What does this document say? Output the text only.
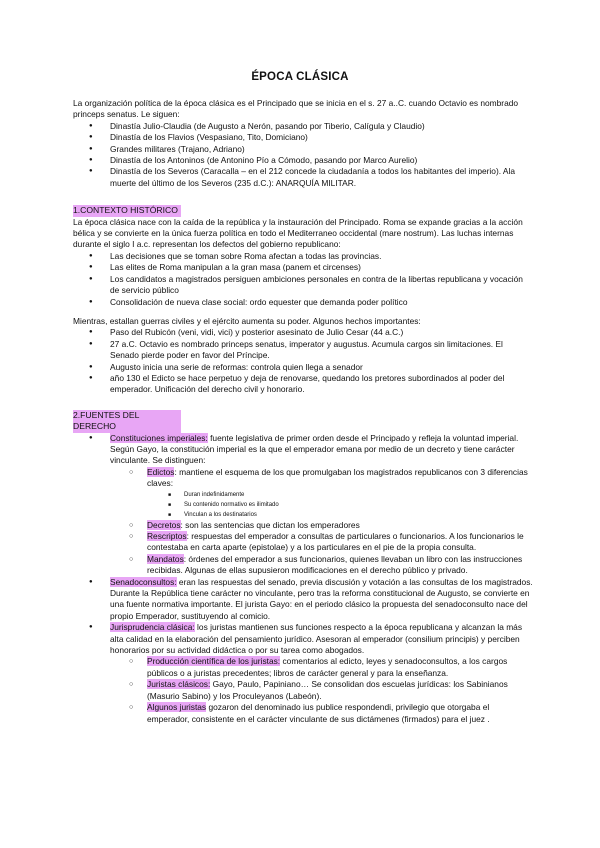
ÉPOCA CLÁSICA

La organización política de la época clásica es el Principado que se inicia en el s. 27 a..C. cuando Octavio es nombrado princeps senatus. Le siguen:

● Dinastía Julio-Claudia (de Augusto a Nerón, pasando por Tiberio, Calígula y Claudio)
● Dinastía de los Flavios (Vespasiano, Tito, Domiciano)
● Grandes militares (Trajano, Adriano)
● Dinastía de los Antoninos (de Antonino Pío a Cómodo, pasando por Marco Aurelio)
● Dinastía de los Severos (Caracalla – en el 212 concede la ciudadanía a todos los habitantes del imperio). Ala muerte del último de los Severos (235 d.C.): ANARQUÍA MILITAR.
1.CONTEXTO HISTÓRICO

La época clásica nace con la caída de la república y la instauración del Principado. Roma se expande gracias a la acción bélica y se convierte en la única fuerza política en todo el Mediterraneo occidental (mare nostrum). Las luchas internas durante el siglo I a.c. representan los defectos del gobierno republicano:

● Las decisiones que se toman sobre Roma afectan a todas las provincias.
● Las elites de Roma manipulan a la gran masa (panem et circenses)
● Los candidatos a magistrados persiguen ambiciones personales en contra de la libertas republicana y vocación de servicio público
● Consolidación de nueva clase social: ordo equester que demanda poder político

Mientras, estallan guerras civiles y el ejército aumenta su poder. Algunos hechos importantes:

● Paso del Rubicón (veni, vidi, vici) y posterior asesinato de Julio Cesar (44 a.C.)
● 27 a.C. Octavio es nombrado princeps senatus, imperator y augustus. Acumula cargos sin limitaciones. El Senado pierde poder en favor del Príncipe.
● Augusto inicia una serie de reformas: controla quien llega a senador
● año 130 el Edicto se hace perpetuo y deja de renovarse, quedando los pretores subordinados al poder del emperador. Unificación del derecho civil y honorario.
2.FUENTES DEL DERECHO
● Constituciones imperiales: fuente legislativa de primer orden desde el Principado y refleja la voluntad imperial. Según Gayo, la constitución imperial es la que el emperador emana por medio de un decreto y tiene carácter vinculante. Se distinguen:
○ Edictos: mantiene el esquema de los que promulgaban los magistrados republicanos con 3 diferencias claves:
■ Duran indefinidamente
■ Su contenido normativo es ilimitado
■ Vinculan a los destinatarios
○ Decretos: son las sentencias que dictan los emperadores
○ Rescriptos: respuestas del emperador a consultas de particulares o funcionarios. A los funcionarios le contestaba en carta aparte (epistolae) y a los particulares en el pie de la propia consulta.
○ Mandatos: órdenes del emperador a sus funcionarios, quienes llevaban un libro con las instrucciones recibidas. Algunas de ellas supusieron modificaciones en el derecho público y privado.
● Senadoconsultos: eran las respuestas del senado, previa discusión y votación a las consultas de los magistrados. Durante la República tiene carácter no vinculante, pero tras la reforma constitucional de Augusto, se convierte en una fuente normativa importante. El jurista Gayo: en el periodo clásico la propuesta del senadoconsulto nace del propio Emperador, sustituyendo al comicio.
● Jurisprudencia clásica: los juristas mantienen sus funciones respecto a la época republicana y alcanzan la más alta calidad en la elaboración del pensamiento jurídico. Asesoran al emperador (consilium principis) y perciben honorarios por su actividad didáctica o por su tarea como abogados.
○ Producción científica de los juristas: comentarios al edicto, leyes y senadoconsultos, a los cargos públicos o a juristas precedentes; libros de carácter general y para la enseñanza.
○ Juristas clásicos: Gayo, Paulo, Papiniano… Se consolidan dos escuelas jurídicas: los Sabinianos (Masurio Sabino) y los Proculeyanos (Labeón).
○ Algunos juristas gozaron del denominado ius publice respondendi, privilegio que otorgaba el emperador, consistente en el carácter vinculante de sus dictámenes (firmados) para el juez .
